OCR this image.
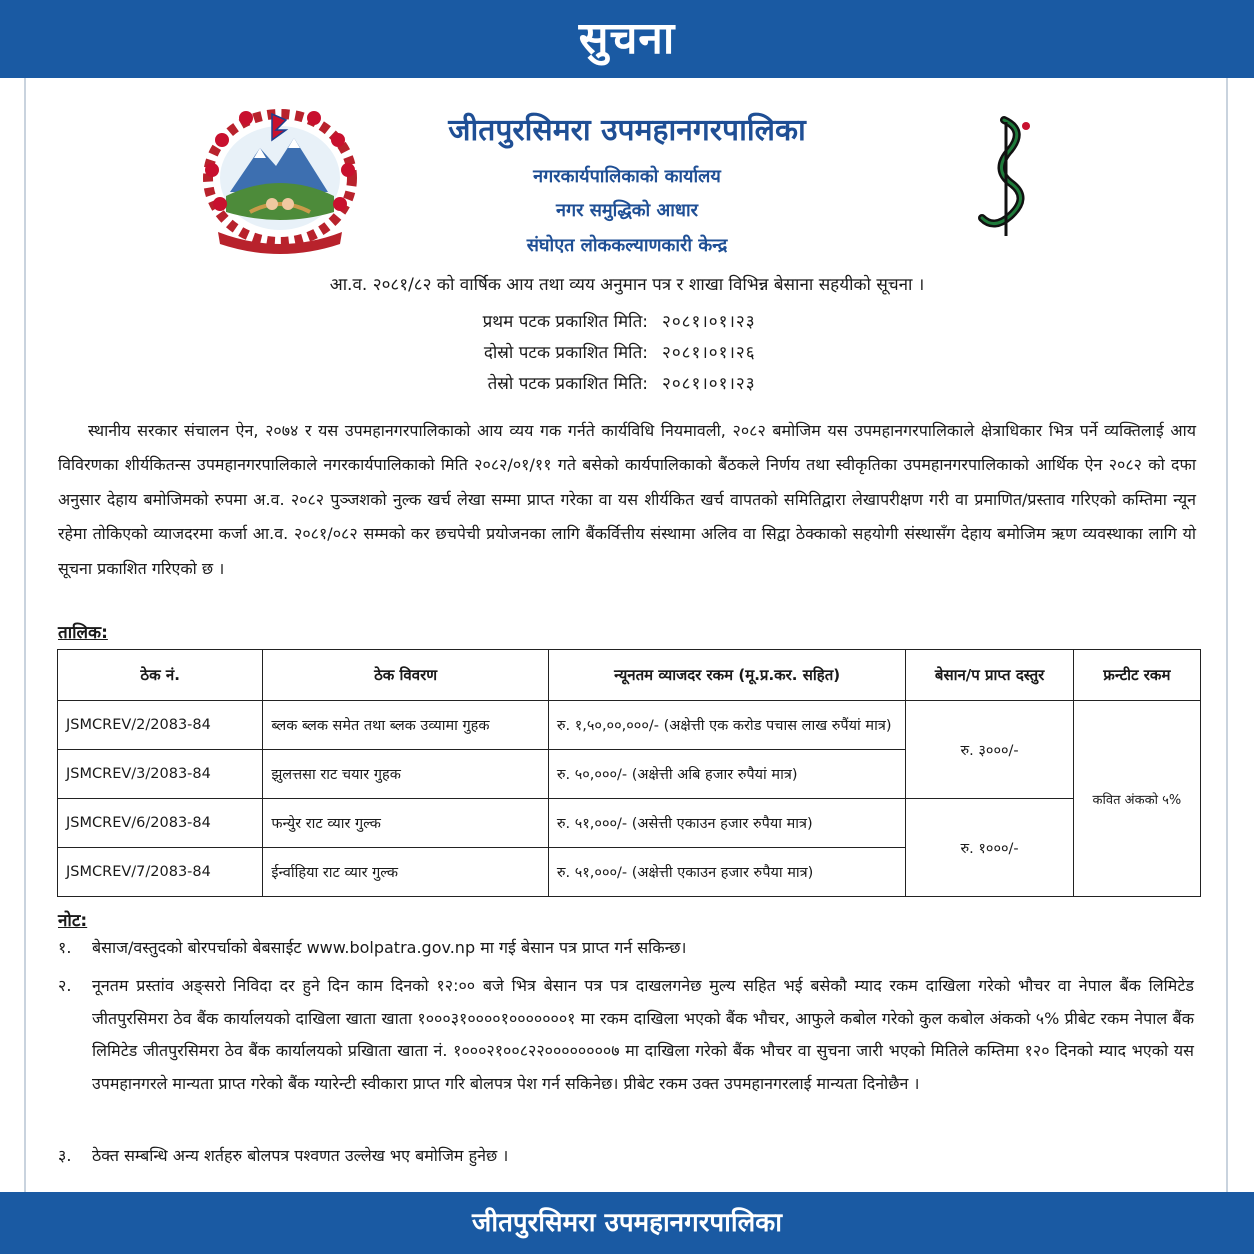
सुचना
जीतपुरसिमरा उपमहानगरपालिका
नगरकार्यपालिकाको कार्यालय
नगर समुद्धिको आधार
संघोएत लोककल्याणकारी केन्द्र
आ.व. २०८१/८२ को वार्षिक आय तथा व्यय अनुमान पत्र र शाखा विभिन्न बेसाना सहयीको सूचना ।
प्रथम पटक प्रकाशित मिति: २०८१।०१।२३
दोस्रो पटक प्रकाशित मिति: २०८१।०१।२६
तेस्रो पटक प्रकाशित मिति: २०८१।०१।२३

स्थानीय सरकार संचालन ऐन, २०७४ र यस उपमहानगरपालिकाको आय व्यय गक गर्नते कार्यविधि नियमावली, २०८२ बमोजिम यस उपमहानगरपालिकाले क्षेत्राधिकार भित्र पर्ने व्यक्तिलाई आय विविरणका शीर्यकितन्स उपमहानगरपालिकाले नगरकार्यपालिकाको मिति २०८२/०१/११ गते बसेको कार्यपालिकाको बैंठकले निर्णय तथा स्वीकृतिका उपमहानगरपालिकाको आर्थिक ऐन २०८२ को दफा अनुसार देहाय बमोजिमको रुपमा अ.व. २०८२ पुञ्जशको नुल्क खर्च लेखा सम्मा प्राप्त गरेका वा यस शीर्यकित खर्च वापतको समितिद्वारा लेखापरीक्षण गरी वा प्रमाणित/प्रस्ताव गरिएको कम्तिमा न्यून रहेमा तोकिएको व्याजदरमा कर्जा आ.व. २०८१/०८२ सम्मको कर छचपेची प्रयोजनका लागि बैंकर्वित्तीय संस्थामा अलिव वा सिद्वा ठेक्काको सहयोगी संस्थासँग देहाय बमोजिम ऋण व्यवस्थाका लागि यो सूचना प्रकाशित गरिएको छ ।

तालिक:
ठेक नं.	ठेक विवरण	न्यूनतम व्याजदर रकम (मू.प्र.कर. सहित)	बेसान/प प्राप्त दस्तुर	फ्रन्टीट रकम
JSMCREV/2/2083-84	ब्लक ब्लक समेत तथा ब्लक उव्यामा गुहक	रु. १,५०,००,०००/- (अक्षेत्ती एक करोड पचास लाख रुपैंयां मात्र)	रु. ३०००/-	कवित अंकको ५%
JSMCREV/3/2083-84	झुलत्तसा राट चयार गुहक	रु. ५०,०००/- (अक्षेत्ती अबि हजार रुपैयां मात्र)		
JSMCREV/6/2083-84	फन्येुर राट व्यार गुल्क	रु. ५१,०००/- (असेत्ती एकाउन हजार रुपैया मात्र)	रु. १०००/-	
JSMCREV/7/2083-84	ईर्न्वाहिया राट व्यार गुल्क	रु. ५१,०००/- (अक्षेत्ती एकाउन हजार रुपैया मात्र)		
नोट:
१.	बेसाज/वस्तुदको बोरपर्चाको बेबसाईट www.bolpatra.gov.np मा गई बेसान पत्र प्राप्त गर्न सकिन्छ।
२.	नूनतम प्रस्तांव अङ्सरो निविदा दर हुने दिन काम दिनको १२:०० बजे भित्र बेसान पत्र पत्र दाखलगनेछ मुल्य सहित भई बसेकौ म्याद रकम दाखिला गरेको भौचर वा नेपाल बैंक लिमिटेड जीतपुरसिमरा ठेव बैंक कार्यालयको दाखिला खाता खाता १०००३१००००१०००००००१ मा रकम दाखिला भएको बैंक भौचर, आफुले कबोल गरेको कुल कबोल अंकको ५% प्रीबेट रकम नेपाल बैंक लिमिटेड जीतपुरसिमरा ठेव बैंक कार्यालयको प्रखिाता खाता नं. १०००२१००८२२००००००००७ मा दाखिला गरेको बैंक भौचर वा सुचना जारी भएको मितिले कम्तिमा १२० दिनको म्याद भएको यस उपमहानगरले मान्यता प्राप्त गरेको बैंक ग्यारेन्टी स्वीकारा प्राप्त गरि बोलपत्र पेश गर्न सकिनेछ। प्रीबेट रकम उक्त उपमहानगरलाई मान्यता दिनोछैन ।
३.	ठेक्त सम्बन्धि अन्य शर्तहरु बोलपत्र पश्वणत उल्लेख भए बमोजिम हुनेछ ।
जीतपुरसिमरा उपमहानगरपालिका
